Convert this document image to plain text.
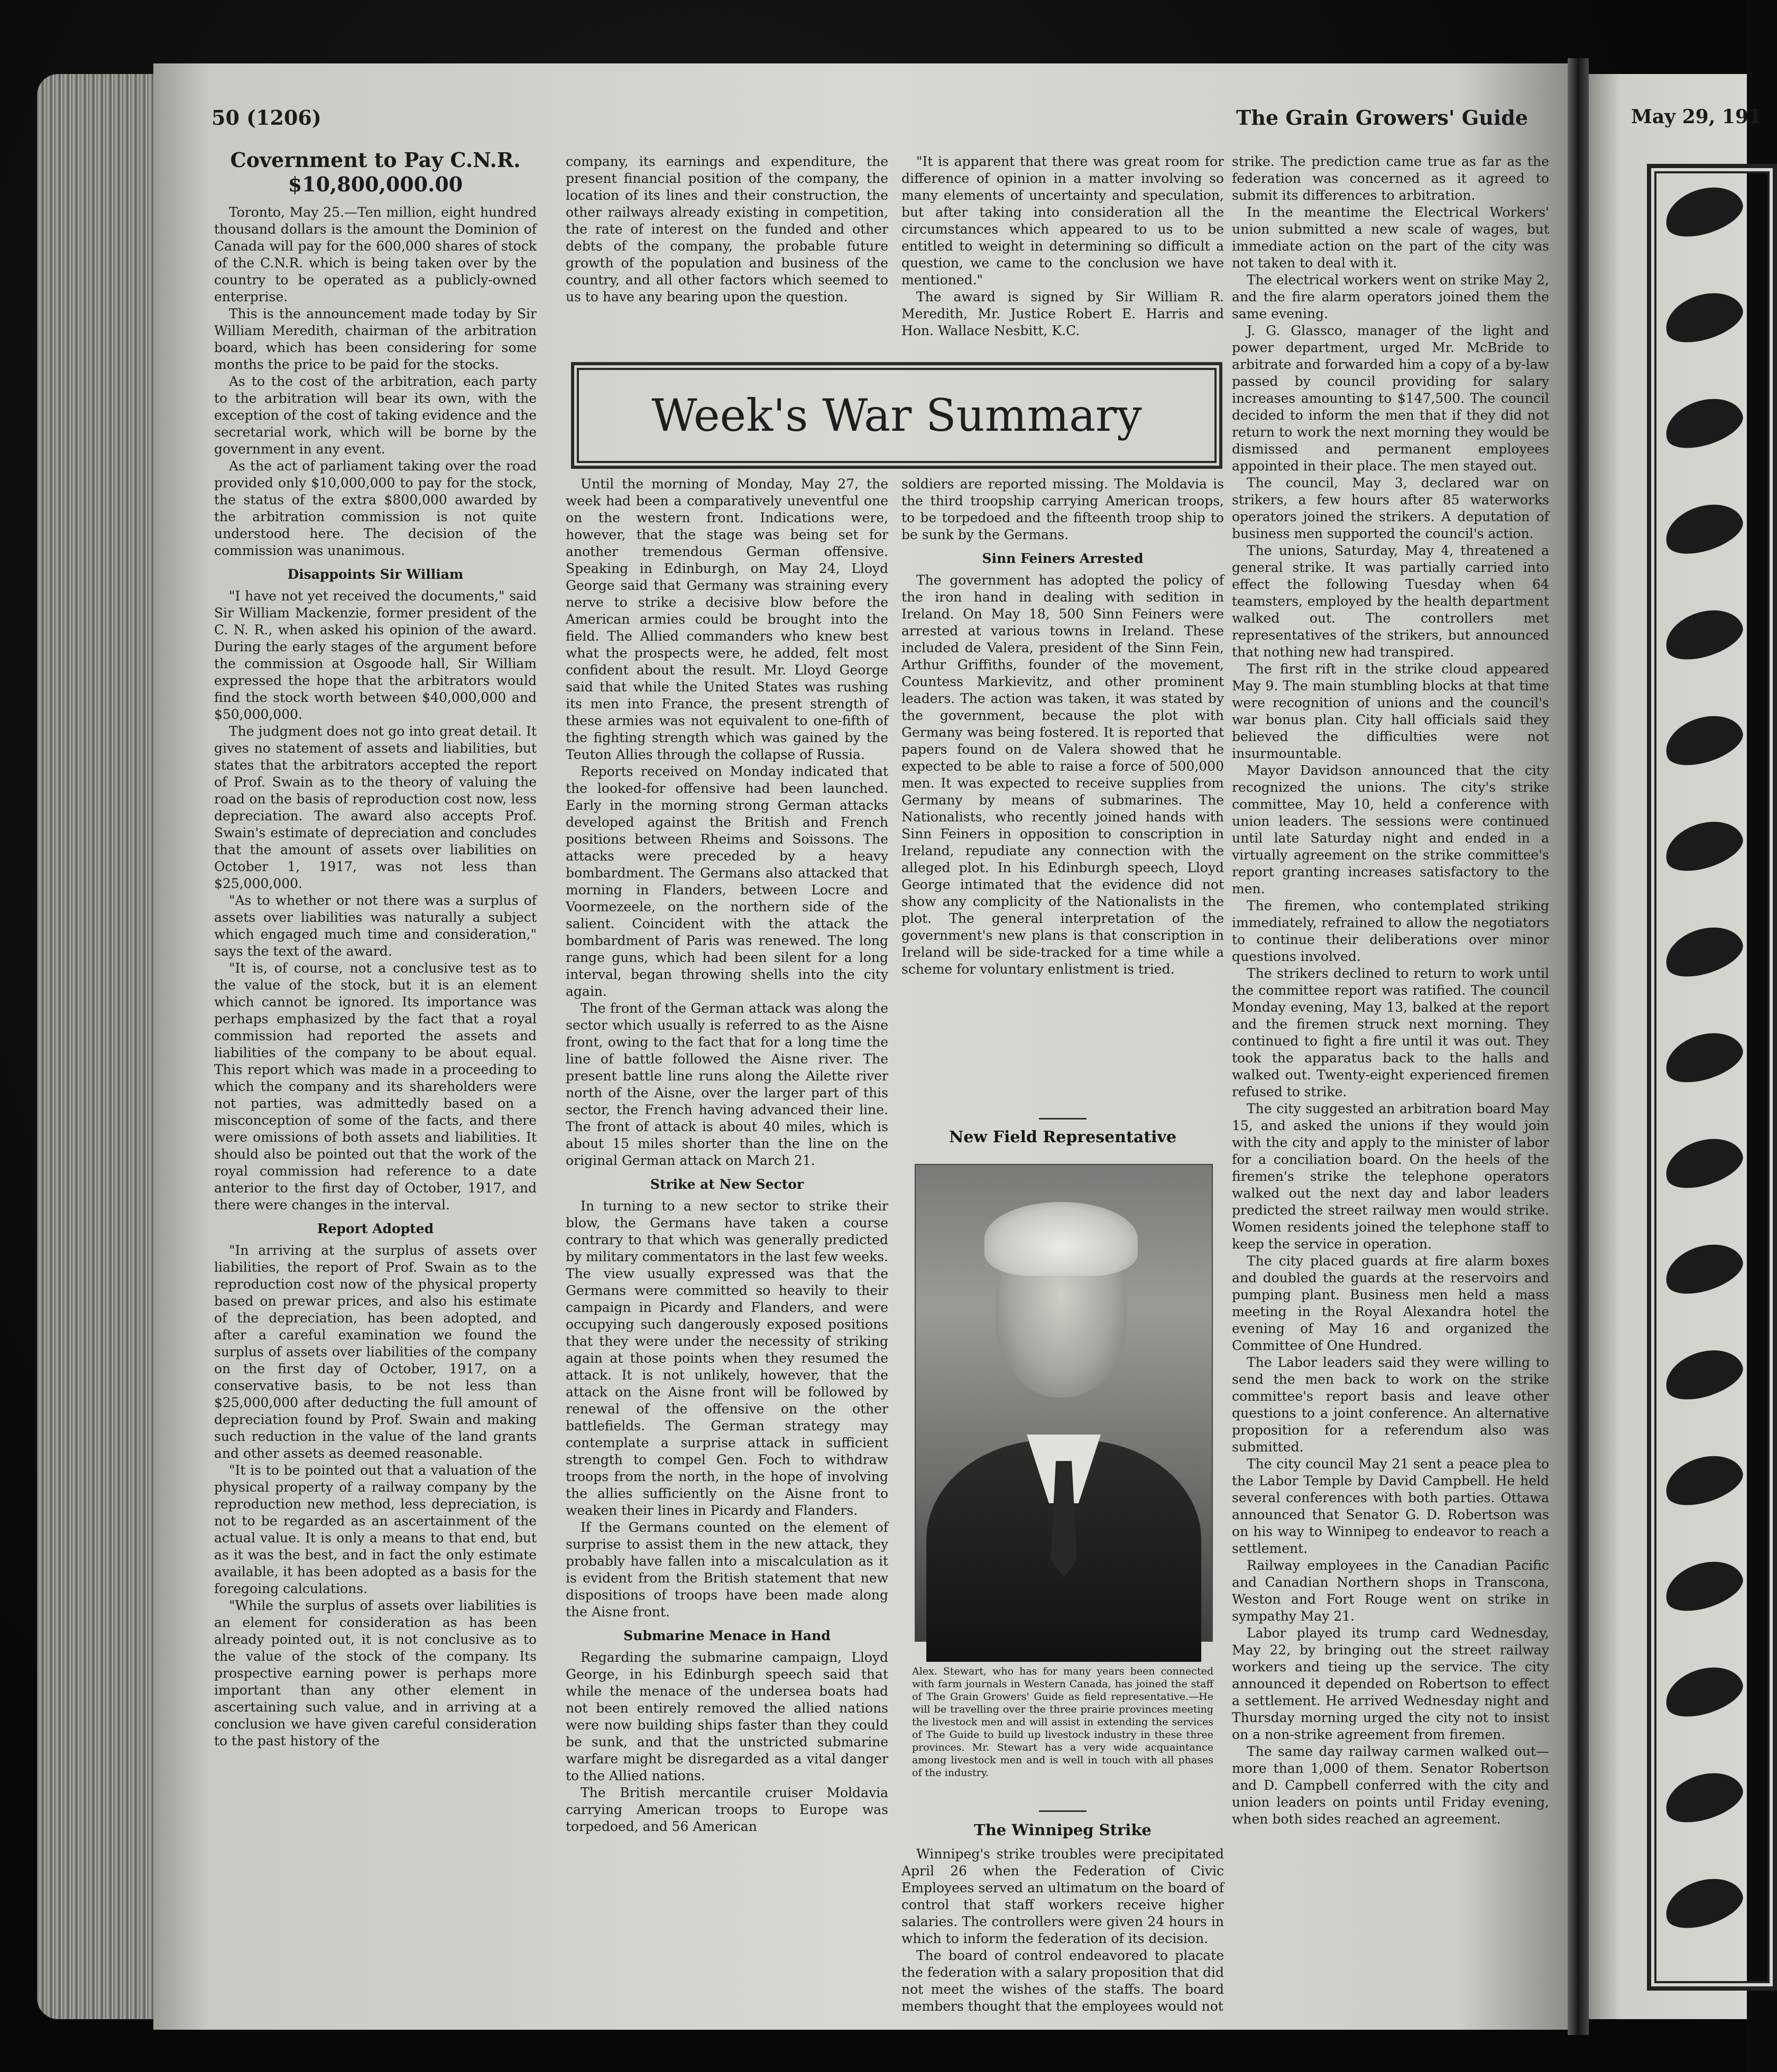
50 (1206)	The Grain Growers' Guide
Covernment to Pay C.N.R.
$10,800,000.00

Toronto, May 25.—Ten million, eight hundred thousand dollars is the amount the Dominion of Canada will pay for the 600,000 shares of stock of the C.N.R. which is being taken over by the country to be operated as a publicly-owned enterprise.

This is the announcement made today by Sir William Meredith, chairman of the arbitration board, which has been considering for some months the price to be paid for the stocks.

As to the cost of the arbitration, each party to the arbitration will bear its own, with the exception of the cost of taking evidence and the secretarial work, which will be borne by the government in any event.

As the act of parliament taking over the road provided only $10,000,000 to pay for the stock, the status of the extra $800,000 awarded by the arbitration commission is not quite understood here. The decision of the commission was unanimous.

Disappoints Sir William

"I have not yet received the documents," said Sir William Mackenzie, former president of the C. N. R., when asked his opinion of the award. During the early stages of the argument before the commission at Osgoode hall, Sir William expressed the hope that the arbitrators would find the stock worth between $40,000,000 and $50,000,000.

The judgment does not go into great detail. It gives no statement of assets and liabilities, but states that the arbitrators accepted the report of Prof. Swain as to the theory of valuing the road on the basis of reproduction cost now, less depreciation. The award also accepts Prof. Swain's estimate of depreciation and concludes that the amount of assets over liabilities on October 1, 1917, was not less than $25,000,000.

"As to whether or not there was a surplus of assets over liabilities was naturally a subject which engaged much time and consideration," says the text of the award.

"It is, of course, not a conclusive test as to the value of the stock, but it is an element which cannot be ignored. Its importance was perhaps emphasized by the fact that a royal commission had reported the assets and liabilities of the company to be about equal. This report which was made in a proceeding to which the company and its shareholders were not parties, was admittedly based on a misconception of some of the facts, and there were omissions of both assets and liabilities. It should also be pointed out that the work of the royal commission had reference to a date anterior to the first day of October, 1917, and there were changes in the interval.

Report Adopted

"In arriving at the surplus of assets over liabilities, the report of Prof. Swain as to the reproduction cost now of the physical property based on prewar prices, and also his estimate of the depreciation, has been adopted, and after a careful examination we found the surplus of assets over liabilities of the company on the first day of October, 1917, on a conservative basis, to be not less than $25,000,000 after deducting the full amount of depreciation found by Prof. Swain and making such reduction in the value of the land grants and other assets as deemed reasonable.

"It is to be pointed out that a valuation of the physical property of a railway company by the reproduction new method, less depreciation, is not to be regarded as an ascertainment of the actual value. It is only a means to that end, but as it was the best, and in fact the only estimate available, it has been adopted as a basis for the foregoing calculations.

"While the surplus of assets over liabilities is an element for consideration as has been already pointed out, it is not conclusive as to the value of the stock of the company. Its prospective earning power is perhaps more important than any other element in ascertaining such value, and in arriving at a conclusion we have given careful consideration to the past history of the

company, its earnings and expenditure, the present financial position of the company, the location of its lines and their construction, the other railways already existing in competition, the rate of interest on the funded and other debts of the company, the probable future growth of the population and business of the country, and all other factors which seemed to us to have any bearing upon the question.

"It is apparent that there was great room for difference of opinion in a matter involving so many elements of uncertainty and speculation, but after taking into consideration all the circumstances which appeared to us to be entitled to weight in determining so difficult a question, we came to the conclusion we have mentioned."

The award is signed by Sir William R. Meredith, Mr. Justice Robert E. Harris and Hon. Wallace Nesbitt, K.C.

Week's War Summary

Until the morning of Monday, May 27, the week had been a comparatively uneventful one on the western front. Indications were, however, that the stage was being set for another tremendous German offensive. Speaking in Edinburgh, on May 24, Lloyd George said that Germany was straining every nerve to strike a decisive blow before the American armies could be brought into the field. The Allied commanders who knew best what the prospects were, he added, felt most confident about the result. Mr. Lloyd George said that while the United States was rushing its men into France, the present strength of these armies was not equivalent to one-fifth of the fighting strength which was gained by the Teuton Allies through the collapse of Russia.

Reports received on Monday indicated that the looked-for offensive had been launched. Early in the morning strong German attacks developed against the British and French positions between Rheims and Soissons. The attacks were preceded by a heavy bombardment. The Germans also attacked that morning in Flanders, between Locre and Voormezeele, on the northern side of the salient. Coincident with the attack the bombardment of Paris was renewed. The long range guns, which had been silent for a long interval, began throwing shells into the city again.

The front of the German attack was along the sector which usually is referred to as the Aisne front, owing to the fact that for a long time the line of battle followed the Aisne river. The present battle line runs along the Ailette river north of the Aisne, over the larger part of this sector, the French having advanced their line. The front of attack is about 40 miles, which is about 15 miles shorter than the line on the original German attack on March 21.

Strike at New Sector

In turning to a new sector to strike their blow, the Germans have taken a course contrary to that which was generally predicted by military commentators in the last few weeks. The view usually expressed was that the Germans were committed so heavily to their campaign in Picardy and Flanders, and were occupying such dangerously exposed positions that they were under the necessity of striking again at those points when they resumed the attack. It is not unlikely, however, that the attack on the Aisne front will be followed by renewal of the offensive on the other battlefields. The German strategy may contemplate a surprise attack in sufficient strength to compel Gen. Foch to withdraw troops from the north, in the hope of involving the allies sufficiently on the Aisne front to weaken their lines in Picardy and Flanders.

If the Germans counted on the element of surprise to assist them in the new attack, they probably have fallen into a miscalculation as it is evident from the British statement that new dispositions of troops have been made along the Aisne front.

Submarine Menace in Hand

Regarding the submarine campaign, Lloyd George, in his Edinburgh speech said that while the menace of the undersea boats had not been entirely removed the allied nations were now building ships faster than they could be sunk, and that the unstricted submarine warfare might be disregarded as a vital danger to the Allied nations.

The British mercantile cruiser Moldavia carrying American troops to Europe was torpedoed, and 56 American

soldiers are reported missing. The Moldavia is the third troopship carrying American troops, to be torpedoed and the fifteenth troop ship to be sunk by the Germans.

Sinn Feiners Arrested

The government has adopted the policy of the iron hand in dealing with sedition in Ireland. On May 18, 500 Sinn Feiners were arrested at various towns in Ireland. These included de Valera, president of the Sinn Fein, Arthur Griffiths, founder of the movement, Countess Markievitz, and other prominent leaders. The action was taken, it was stated by the government, because the plot with Germany was being fostered. It is reported that papers found on de Valera showed that he expected to be able to raise a force of 500,000 men. It was expected to receive supplies from Germany by means of submarines. The Nationalists, who recently joined hands with Sinn Feiners in opposition to conscription in Ireland, repudiate any connection with the alleged plot. In his Edinburgh speech, Lloyd George intimated that the evidence did not show any complicity of the Nationalists in the plot. The general interpretation of the government's new plans is that conscription in Ireland will be side-tracked for a time while a scheme for voluntary enlistment is tried.

New Field Representative
Alex. Stewart, who has for many years been connected with farm journals in Western Canada, has joined the staff of The Grain Growers' Guide as field representative.—He will be travelling over the three prairie provinces meeting the livestock men and will assist in extending the services of The Guide to build up livestock industry in these three provinces. Mr. Stewart has a very wide acquaintance among livestock men and is well in touch with all phases of the industry.
The Winnipeg Strike

Winnipeg's strike troubles were precipitated April 26 when the Federation of Civic Employees served an ultimatum on the board of control that staff workers receive higher salaries. The controllers were given 24 hours in which to inform the federation of its decision.

The board of control endeavored to placate the federation with a salary proposition that did not meet the wishes of the staffs. The board members thought that the employees would not

strike. The prediction came true as far as the federation was concerned as it agreed to submit its differences to arbitration.

In the meantime the Electrical Workers' union submitted a new scale of wages, but immediate action on the part of the city was not taken to deal with it.

The electrical workers went on strike May 2, and the fire alarm operators joined them the same evening.

J. G. Glassco, manager of the light and power department, urged Mr. McBride to arbitrate and forwarded him a copy of a by-law passed by council providing for salary increases amounting to $147,500. The council decided to inform the men that if they did not return to work the next morning they would be dismissed and permanent employees appointed in their place. The men stayed out.

The council, May 3, declared war on strikers, a few hours after 85 waterworks operators joined the strikers. A deputation of business men supported the council's action.

The unions, Saturday, May 4, threatened a general strike. It was partially carried into effect the following Tuesday when 64 teamsters, employed by the health department walked out. The controllers met representatives of the strikers, but announced that nothing new had transpired.

The first rift in the strike cloud appeared May 9. The main stumbling blocks at that time were recognition of unions and the council's war bonus plan. City hall officials said they believed the difficulties were not insurmountable.

Mayor Davidson announced that the city recognized the unions. The city's strike committee, May 10, held a conference with union leaders. The sessions were continued until late Saturday night and ended in a virtually agreement on the strike committee's report granting increases satisfactory to the men.

The firemen, who contemplated striking immediately, refrained to allow the negotiators to continue their deliberations over minor questions involved.

The strikers declined to return to work until the committee report was ratified. The council Monday evening, May 13, balked at the report and the firemen struck next morning. They continued to fight a fire until it was out. They took the apparatus back to the halls and walked out. Twenty-eight experienced firemen refused to strike.

The city suggested an arbitration board May 15, and asked the unions if they would join with the city and apply to the minister of labor for a conciliation board. On the heels of the firemen's strike the telephone operators walked out the next day and labor leaders predicted the street railway men would strike. Women residents joined the telephone staff to keep the service in operation.

The city placed guards at fire alarm boxes and doubled the guards at the reservoirs and pumping plant. Business men held a mass meeting in the Royal Alexandra hotel the evening of May 16 and organized the Committee of One Hundred.

The Labor leaders said they were willing to send the men back to work on the strike committee's report basis and leave other questions to a joint conference. An alternative proposition for a referendum also was submitted.

The city council May 21 sent a peace plea to the Labor Temple by David Campbell. He held several conferences with both parties. Ottawa announced that Senator G. D. Robertson was on his way to Winnipeg to endeavor to reach a settlement.

Railway employees in the Canadian Pacific and Canadian Northern shops in Transcona, Weston and Fort Rouge went on strike in sympathy May 21.

Labor played its trump card Wednesday, May 22, by bringing out the street railway workers and tieing up the service. The city announced it depended on Robertson to effect a settlement. He arrived Wednesday night and Thursday morning urged the city not to insist on a non-strike agreement from firemen.

The same day railway carmen walked out—more than 1,000 of them. Senator Robertson and D. Campbell conferred with the city and union leaders on points until Friday evening, when both sides reached an agreement.

May 29, 191
